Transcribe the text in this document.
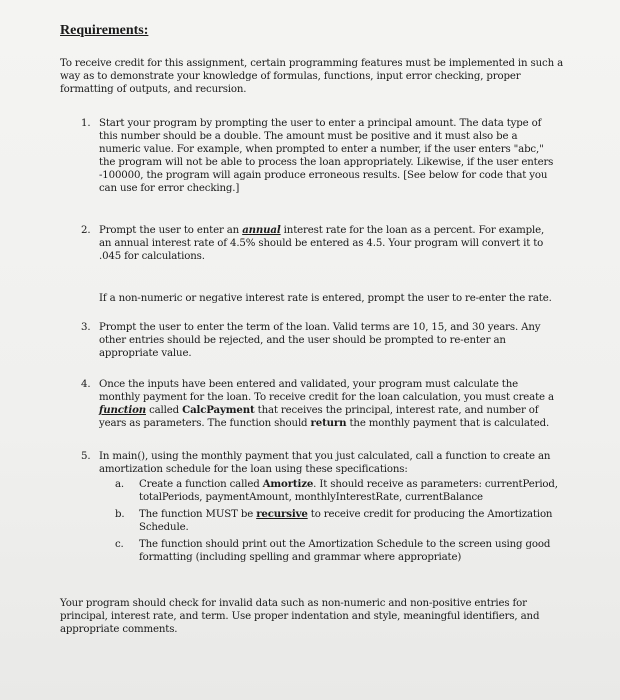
Requirements:
To receive credit for this assignment, certain programming features must be implemented in such a way as to demonstrate your knowledge of formulas, functions, input error checking, proper formatting of outputs, and recursion.
1. Start your program by prompting the user to enter a principal amount. The data type of this number should be a double. The amount must be positive and it must also be a numeric value. For example, when prompted to enter a number, if the user enters "abc," the program will not be able to process the loan appropriately. Likewise, if the user enters -100000, the program will again produce erroneous results. [See below for code that you can use for error checking.]
2. Prompt the user to enter an annual interest rate for the loan as a percent. For example, an annual interest rate of 4.5% should be entered as 4.5. Your program will convert it to .045 for calculations.
If a non-numeric or negative interest rate is entered, prompt the user to re-enter the rate.
3. Prompt the user to enter the term of the loan. Valid terms are 10, 15, and 30 years. Any other entries should be rejected, and the user should be prompted to re-enter an appropriate value.
4. Once the inputs have been entered and validated, your program must calculate the monthly payment for the loan. To receive credit for the loan calculation, you must create a function called CalcPayment that receives the principal, interest rate, and number of years as parameters. The function should return the monthly payment that is calculated.
5. In main(), using the monthly payment that you just calculated, call a function to create an amortization schedule for the loan using these specifications:
a. Create a function called Amortize. It should receive as parameters: currentPeriod, totalPeriods, paymentAmount, monthlyInterestRate, currentBalance
b. The function MUST be recursive to receive credit for producing the Amortization Schedule.
c. The function should print out the Amortization Schedule to the screen using good formatting (including spelling and grammar where appropriate)
Your program should check for invalid data such as non-numeric and non-positive entries for principal, interest rate, and term. Use proper indentation and style, meaningful identifiers, and appropriate comments.
